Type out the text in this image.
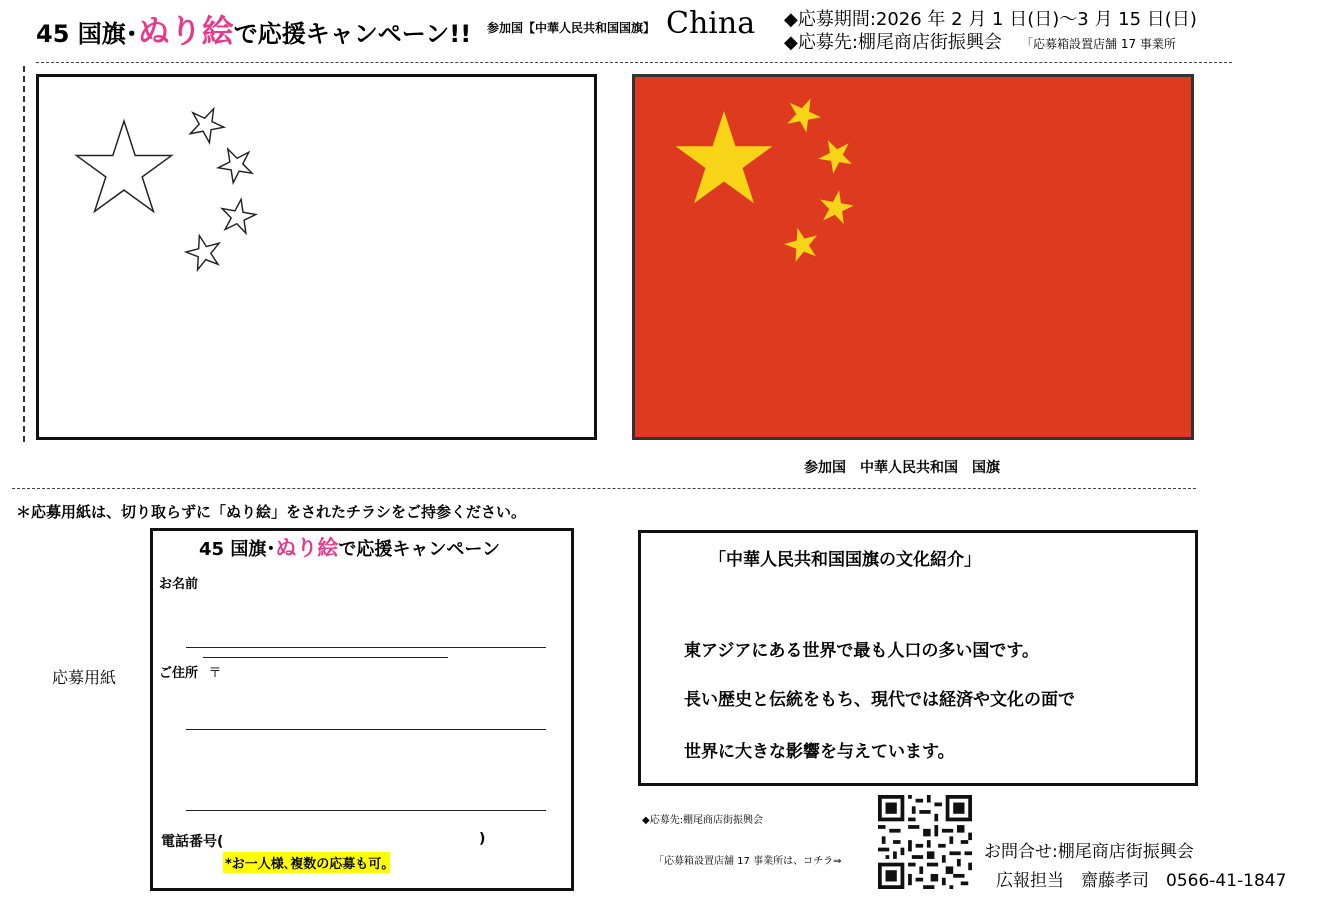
45 国旗･ぬり絵で応援キャンペーン!! 参加国【中華人民共和国国旗】 China ◆応募期間:2026 年 2 月 1 日(日)～3 月 15 日(日)
◆応募先:棚尾商店街振興会 「応募箱設置店舗 17 事業所
参加国　中華人民共和国　国旗
＊応募用紙は、切り取らずに「ぬり絵」をされたチラシをご持参ください。
応募用紙
45 国旗･ぬり絵で応援キャンペーン
お名前
ご住所 〒
電話番号(	)
*お一人様､複数の応募も可｡
「中華人民共和国国旗の文化紹介」
東アジアにある世界で最も人口の多い国です。
長い歴史と伝統をもち、現代では経済や文化の面で
世界に大きな影響を与えています。
◆応募先:棚尾商店街振興会
「応募箱設置店舗 17 事業所は、コチラ⇒	お問合せ:棚尾商店街振興会
広報担当　齋藤孝司　0566-41-1847
